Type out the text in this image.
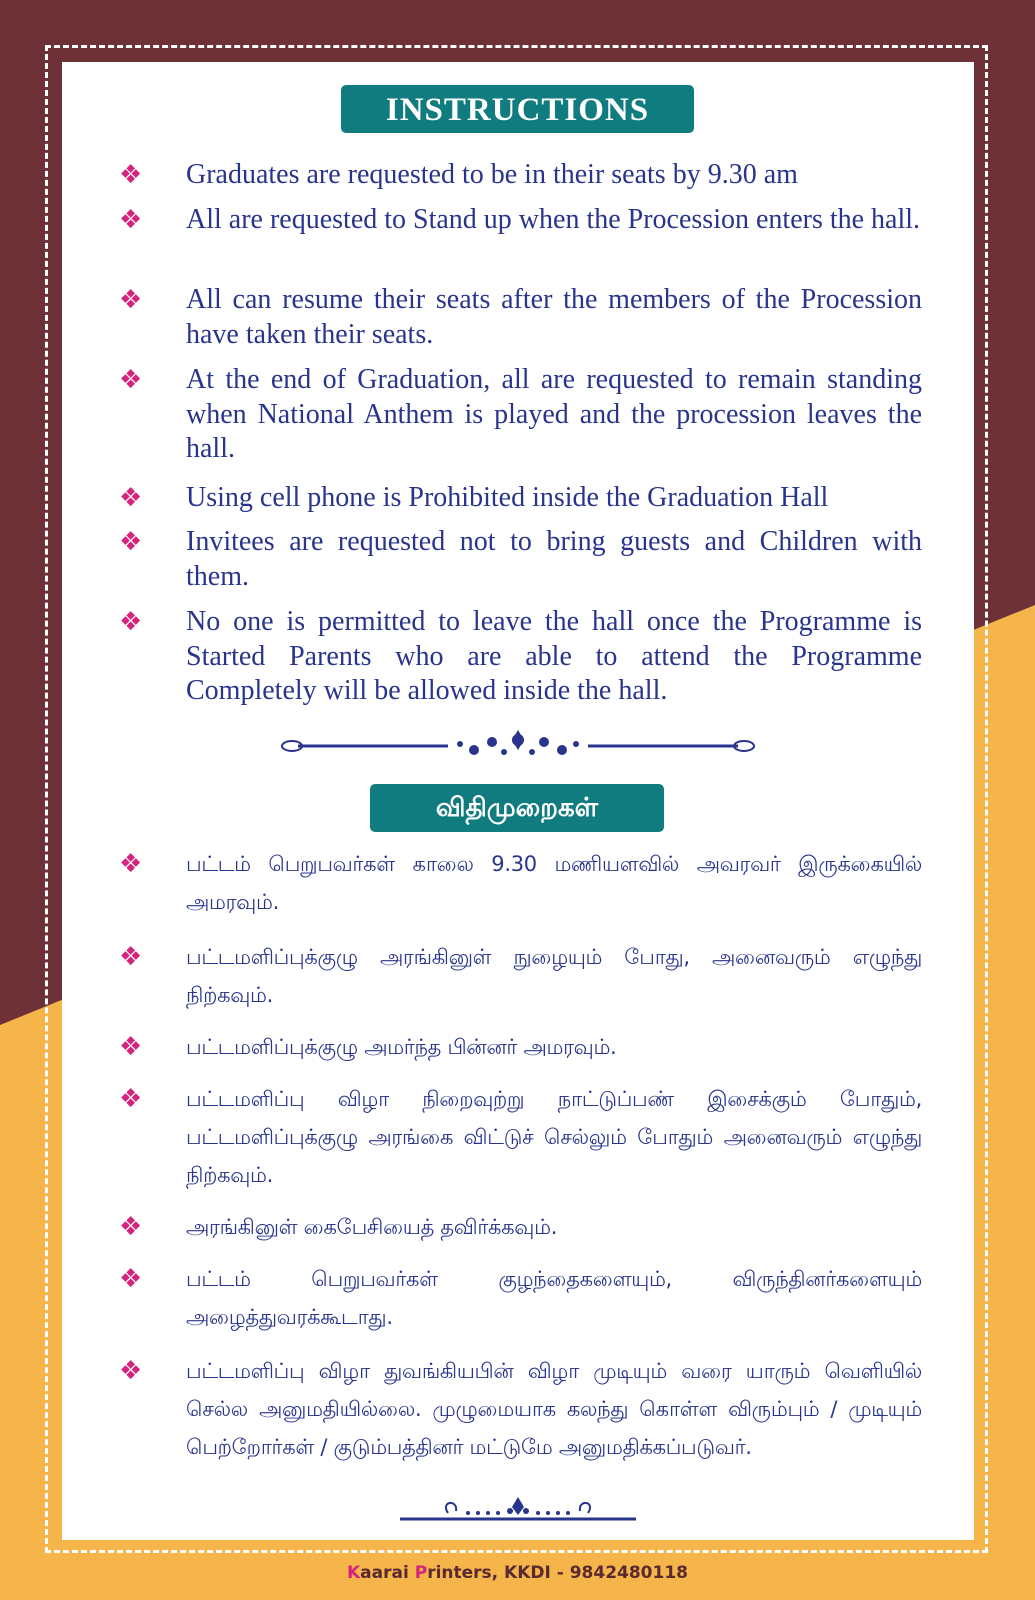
INSTRUCTIONS
❖ Graduates are requested to be in their seats by 9.30 am
❖ All are requested to Stand up when the Procession enters the hall.
❖ All can resume their seats after the members of the Procession have taken their seats.
❖ At the end of Graduation, all are requested to remain standing when National Anthem is played and the procession leaves the hall.
❖ Using cell phone is Prohibited inside the Graduation Hall
❖ Invitees are requested not to bring guests and Children with them.
❖ No one is permitted to leave the hall once the Programme is Started Parents who are able to attend the Programme Completely will be allowed inside the hall.
விதிமுறைகள்
❖ பட்டம் பெறுபவர்கள் காலை 9.30 மணியளவில் அவரவர் இருக்கையில் அமரவும்.
❖ பட்டமளிப்புக்குழு அரங்கினுள் நுழையும் போது, அனைவரும் எழுந்து நிற்கவும்.
❖ பட்டமளிப்புக்குழு அமர்ந்த பின்னர் அமரவும்.
❖ பட்டமளிப்பு விழா நிறைவுற்று நாட்டுப்பண் இசைக்கும் போதும், பட்டமளிப்புக்குழு அரங்கை விட்டுச் செல்லும் போதும் அனைவரும் எழுந்து நிற்கவும்.
❖ அரங்கினுள் கைபேசியைத் தவிர்க்கவும்.
❖ பட்டம் பெறுபவர்கள் குழந்தைகளையும், விருந்தினர்களையும் அழைத்துவரக்கூடாது.
❖ பட்டமளிப்பு விழா துவங்கியபின் விழா முடியும் வரை யாரும் வெளியில் செல்ல அனுமதியில்லை. முழுமையாக கலந்து கொள்ள விரும்பும் / முடியும் பெற்றோர்கள் / குடும்பத்தினர் மட்டுமே அனுமதிக்கப்படுவர்.
Kaarai Printers, KKDI - 9842480118
